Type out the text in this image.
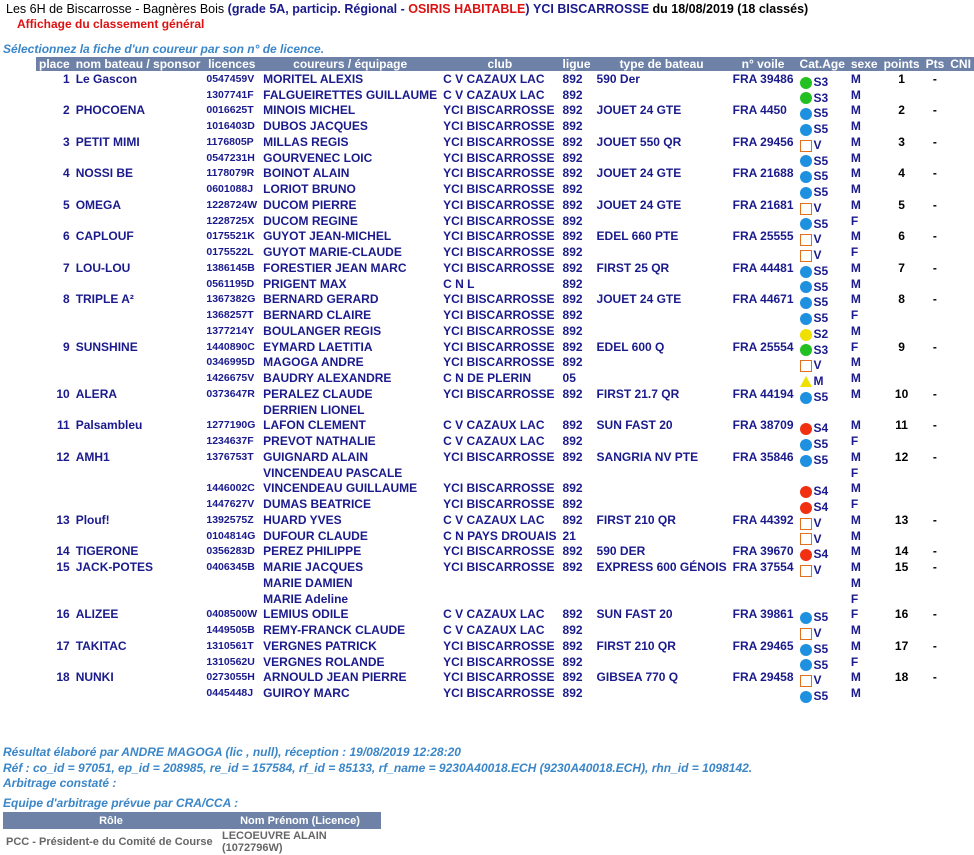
Les 6H de Biscarrosse - Bagnères Bois (grade 5A, particip. Régional - OSIRIS HABITABLE) YCI BISCARROSSE du 18/08/2019 (18 classés)
Affichage du classement général
Sélectionnez la fiche d'un coureur par son n° de licence.
place	nom bateau / sponsor	licences	coureurs / équipage	club	ligue	type de bateau	n° voile	Cat.Age	sexe	points	Pts	CNI
1	Le Gascon	0547459V	MORITEL ALEXIS	C V CAZAUX LAC	892	590 Der	FRA 39486	S3	M	1	-	
		1307741F	FALGUEIRETTES GUILLAUME	C V CAZAUX LAC	892			S3	M			
2	PHOCOENA	0016625T	MINOIS MICHEL	YCI BISCARROSSE	892	JOUET 24 GTE	FRA 4450	S5	M	2	-	
		1016403D	DUBOS JACQUES	YCI BISCARROSSE	892			S5	M			
3	PETIT MIMI	1176805P	MILLAS REGIS	YCI BISCARROSSE	892	JOUET 550 QR	FRA 29456	V	M	3	-	
		0547231H	GOURVENEC LOIC	YCI BISCARROSSE	892			S5	M			
4	NOSSI BE	1178079R	BOINOT ALAIN	YCI BISCARROSSE	892	JOUET 24 GTE	FRA 21688	S5	M	4	-	
		0601088J	LORIOT BRUNO	YCI BISCARROSSE	892			S5	M			
5	OMEGA	1228724W	DUCOM PIERRE	YCI BISCARROSSE	892	JOUET 24 GTE	FRA 21681	V	M	5	-	
		1228725X	DUCOM REGINE	YCI BISCARROSSE	892			S5	F			
6	CAPLOUF	0175521K	GUYOT JEAN-MICHEL	YCI BISCARROSSE	892	EDEL 660 PTE	FRA 25555	V	M	6	-	
		0175522L	GUYOT MARIE-CLAUDE	YCI BISCARROSSE	892			V	F			
7	LOU-LOU	1386145B	FORESTIER JEAN MARC	YCI BISCARROSSE	892	FIRST 25 QR	FRA 44481	S5	M	7	-	
		0561195D	PRIGENT MAX	C N L	892			S5	M			
8	TRIPLE A²	1367382G	BERNARD GERARD	YCI BISCARROSSE	892	JOUET 24 GTE	FRA 44671	S5	M	8	-	
		1368257T	BERNARD CLAIRE	YCI BISCARROSSE	892			S5	F			
		1377214Y	BOULANGER REGIS	YCI BISCARROSSE	892			S2	M			
9	SUNSHINE	1440890C	EYMARD LAETITIA	YCI BISCARROSSE	892	EDEL 600 Q	FRA 25554	S3	F	9	-	
		0346995D	MAGOGA ANDRE	YCI BISCARROSSE	892			V	M			
		1426675V	BAUDRY ALEXANDRE	C N DE PLERIN	05			M	M			
10	ALERA	0373647R	PERALEZ CLAUDE	YCI BISCARROSSE	892	FIRST 21.7 QR	FRA 44194	S5	M	10	-	
			DERRIEN LIONEL									
11	Palsambleu	1277190G	LAFON CLEMENT	C V CAZAUX LAC	892	SUN FAST 20	FRA 38709	S4	M	11	-	
		1234637F	PREVOT NATHALIE	C V CAZAUX LAC	892			S5	F			
12	AMH1	1376753T	GUIGNARD ALAIN	YCI BISCARROSSE	892	SANGRIA NV PTE	FRA 35846	S5	M	12	-	
			VINCENDEAU PASCALE						F			
		1446002C	VINCENDEAU GUILLAUME	YCI BISCARROSSE	892			S4	M			
		1447627V	DUMAS BEATRICE	YCI BISCARROSSE	892			S4	F			
13	Plouf!	1392575Z	HUARD YVES	C V CAZAUX LAC	892	FIRST 210 QR	FRA 44392	V	M	13	-	
		0104814G	DUFOUR CLAUDE	C N PAYS DROUAIS	21			V	M			
14	TIGERONE	0356283D	PEREZ PHILIPPE	YCI BISCARROSSE	892	590 DER	FRA 39670	S4	M	14	-	
15	JACK-POTES	0406345B	MARIE JACQUES	YCI BISCARROSSE	892	EXPRESS 600 GÉNOIS	FRA 37554	V	M	15	-	
			MARIE DAMIEN						M			
			MARIE Adeline						F			
16	ALIZEE	0408500W	LEMIUS ODILE	C V CAZAUX LAC	892	SUN FAST 20	FRA 39861	S5	F	16	-	
		1449505B	REMY-FRANCK CLAUDE	C V CAZAUX LAC	892			V	M			
17	TAKITAC	1310561T	VERGNES PATRICK	YCI BISCARROSSE	892	FIRST 210 QR	FRA 29465	S5	M	17	-	
		1310562U	VERGNES ROLANDE	YCI BISCARROSSE	892			S5	F			
18	NUNKI	0273055H	ARNOULD JEAN PIERRE	YCI BISCARROSSE	892	GIBSEA 770 Q	FRA 29458	V	M	18	-	
		0445448J	GUIROY MARC	YCI BISCARROSSE	892			S5	M			
Résultat élaboré par ANDRE MAGOGA (lic , null), réception : 19/08/2019 12:28:20
Réf : co_id = 97051, ep_id = 208985, re_id = 157584, rf_id = 85133, rf_name = 9230A40018.ECH (9230A40018.ECH), rhn_id = 1098142.
Arbitrage constaté :
Equipe d'arbitrage prévue par CRA/CCA :
Rôle	Nom Prénom (Licence)
PCC - Président-e du Comité de Course	LECOEUVRE ALAIN (1072796W)
